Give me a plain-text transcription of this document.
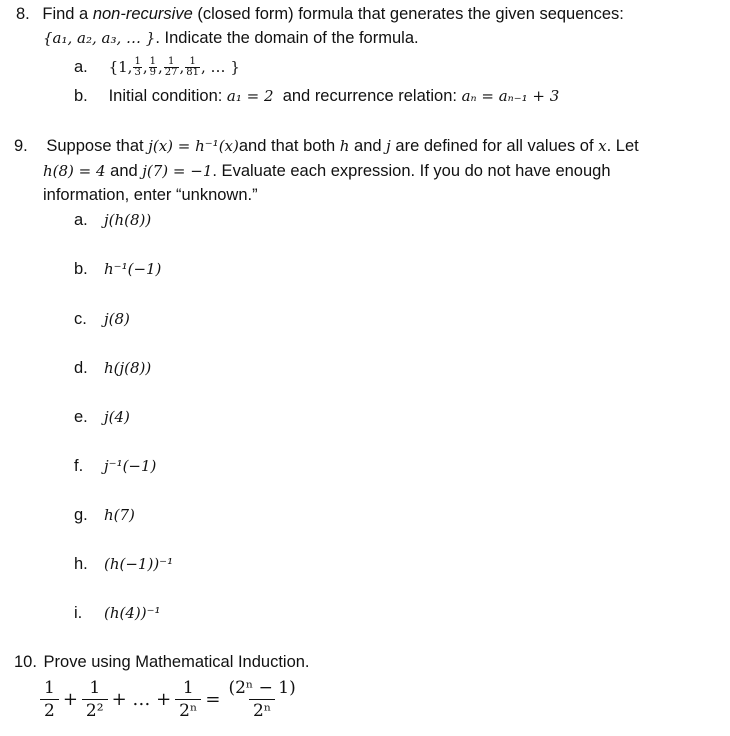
8. Find a non-recursive (closed form) formula that generates the given sequences:
{a₁, a₂, a₃, … }. Indicate the domain of the formula.
a. {1, $\frac{1}{3}$ , $\frac{1}{9}$ , $\frac{1}{27}$ , $\frac{1}{81}$ , … }
b. Initial condition: a₁ = 2  and recurrence relation: aₙ = aₙ₋₁ + 3
9. Suppose that j(x) = h⁻¹(x)and that both h and j are defined for all values of x. Let
h(8) = 4 and j(7) = −1. Evaluate each expression. If you do not have enough
information, enter “unknown.”
a. j(h(8))
b. h⁻¹(−1)
c. j(8)
d. h(j(8))
e. j(4)
f. j⁻¹(−1)
g. h(7)
h. (h(−1))⁻¹
i. (h(4))⁻¹
10. Prove using Mathematical Induction.
$\frac{1}{2} + \frac{1}{\text{2²}}$ + … + $\frac{1}{\text{2ⁿ}} = \frac{\text{(2ⁿ − 1)}}{\text{2ⁿ}}$
